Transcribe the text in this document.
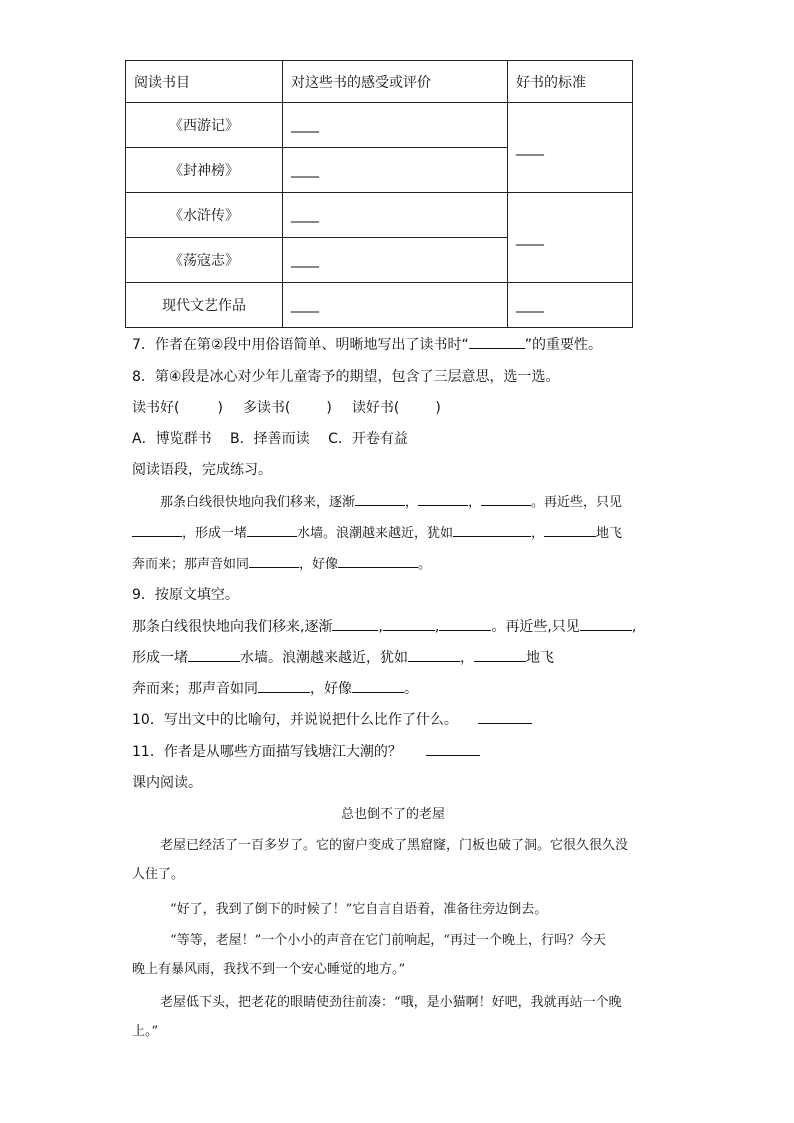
阅读书目	对这些书的感受或评价	好书的标准
《西游记》	____	____
《封神榜》	____	
《水浒传》	____	____
《荡寇志》	____	
现代文艺作品	____	____
7．作者在第②段中用俗语简单、明晰地写出了读书时“	”的重要性。
8．第④段是冰心对少年儿童寄予的期望，包含了三层意思，选一选。
读书好(	) 多读书(	) 读好书(	)
A．博览群书　 B．择善而读　 C．开卷有益
阅读语段，完成练习。
那条白线很快地向我们移来，逐渐	，	，	。再近些，只见
，形成一堵	水墙。浪潮越来越近，犹如	，	地飞
奔而来；那声音如同	，好像	。
9．按原文填空。
那条白线很快地向我们移来,逐渐	,	,	。再近些,只见	,
形成一堵	水墙。浪潮越来越近，犹如	，	地飞
奔而来；那声音如同	，好像	。
10．写出文中的比喻句，并说说把什么比作了什么。
11．作者是从哪些方面描写钱塘江大潮的？
课内阅读。
总也倒不了的老屋
老屋已经活了一百多岁了。它的窗户变成了黑窟窿，门板也破了洞。它很久很久没
人住了。
“好了，我到了倒下的时候了！”它自言自语着，准备往旁边倒去。
“等等，老屋！”一个小小的声音在它门前响起，“再过一个晚上，行吗？今天
晚上有暴风雨，我找不到一个安心睡觉的地方。”
老屋低下头，把老花的眼睛使劲往前凑：“哦，是小猫啊！好吧，我就再站一个晚
上。”
